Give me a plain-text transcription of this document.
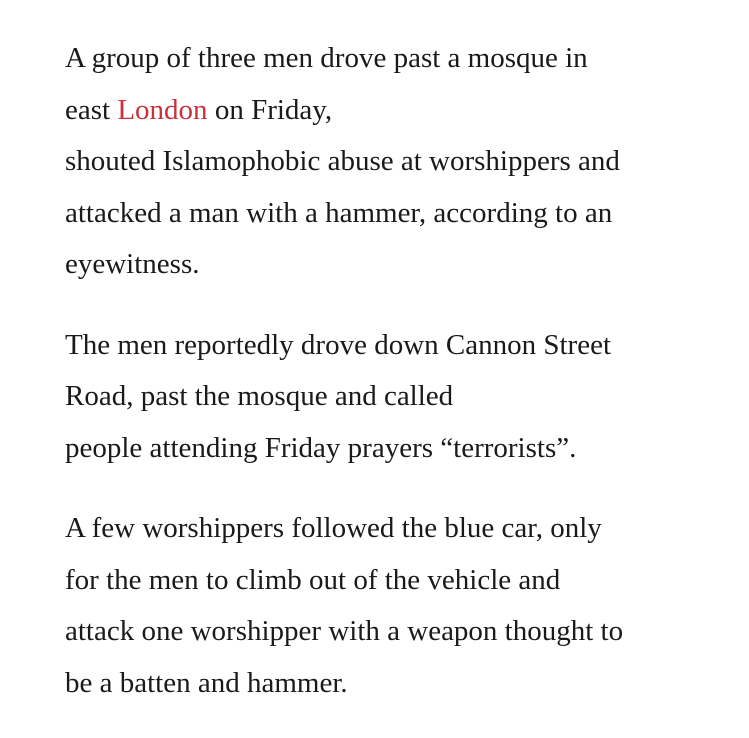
A group of three men drove past a mosque in
east London on Friday,
shouted Islamophobic abuse at worshippers and
attacked a man with a hammer, according to an
eyewitness.

The men reportedly drove down Cannon Street
Road, past the mosque and called
people attending Friday prayers “terrorists”.

A few worshippers followed the blue car, only
for the men to climb out of the vehicle and
attack one worshipper with a weapon thought to
be a batten and hammer.
